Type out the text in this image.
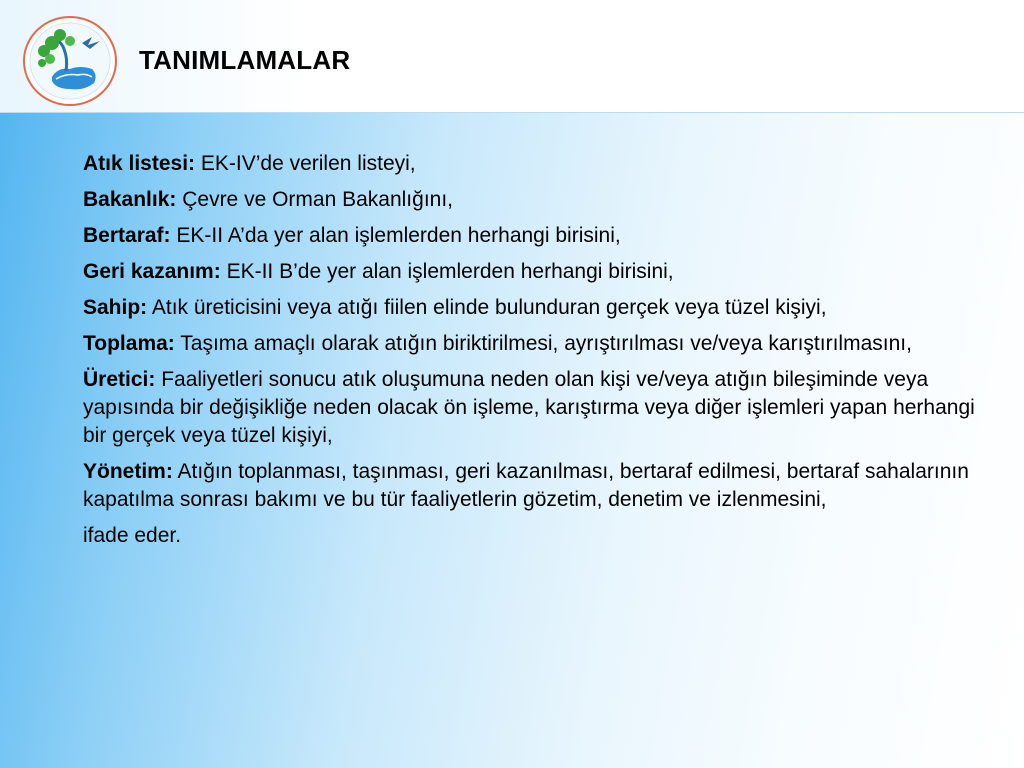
TANIMLAMALAR

Atık listesi: EK-IV’de verilen listeyi,

Bakanlık: Çevre ve Orman Bakanlığını,

Bertaraf: EK-II A’da yer alan işlemlerden herhangi birisini,

Geri kazanım: EK-II B’de yer alan işlemlerden herhangi birisini,

Sahip: Atık üreticisini veya atığı fiilen elinde bulunduran gerçek veya tüzel kişiyi,

Toplama: Taşıma amaçlı olarak atığın biriktirilmesi, ayrıştırılması ve/veya karıştırılmasını,

Üretici: Faaliyetleri sonucu atık oluşumuna neden olan kişi ve/veya atığın bileşiminde veya yapısında bir değişikliğe neden olacak ön işleme, karıştırma veya diğer işlemleri yapan herhangi bir gerçek veya tüzel kişiyi,

Yönetim: Atığın toplanması, taşınması, geri kazanılması, bertaraf edilmesi, bertaraf sahalarının kapatılma sonrası bakımı ve bu tür faaliyetlerin gözetim, denetim ve izlenmesini,

ifade eder.
